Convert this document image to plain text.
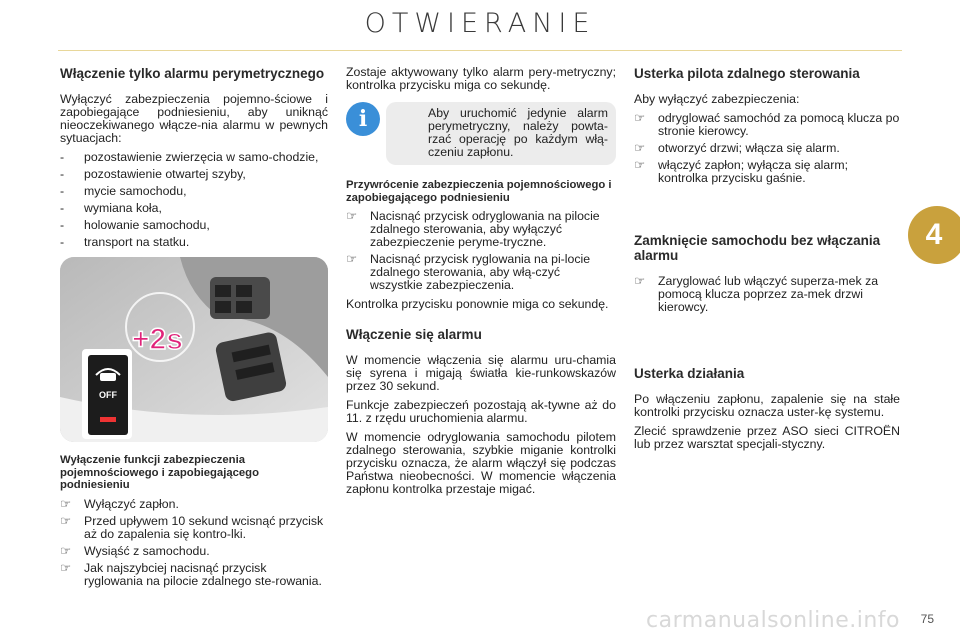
OTWIERANIE
4
Włączenie tylko alarmu perymetrycznego

Wyłączyć zabezpieczenia pojemno-ściowe i zapobiegające podniesieniu, aby uniknąć nieoczekiwanego włącze-nia alarmu w pewnych sytuacjach:

-	pozostawienie zwierzęcia w samo-chodzie,
-	pozostawienie otwartej szyby,
-	mycie samochodu,
-	wymiana koła,
-	holowanie samochodu,
-	transport na statku.
OFF
+2s
Wyłączenie funkcji zabezpieczenia pojemnościowego i zapobiegającego podniesieniu
☞	Wyłączyć zapłon.
☞	Przed upływem 10 sekund wcisnąć przycisk aż do zapalenia się kontro-lki.
☞	Wysiąść z samochodu.
☞	Jak najszybciej nacisnąć przycisk ryglowania na pilocie zdalnego ste-rowania.

Zostaje aktywowany tylko alarm pery-metryczny; kontrolka przycisku miga co sekundę.

i	Aby uruchomić jedynie alarm perymetryczny, należy powta-rzać operację po każdym włą-czeniu zapłonu.

Przywrócenie zabezpieczenia pojemnościowego i zapobiegającego podniesieniu
☞	Nacisnąć przycisk odryglowania na pilocie zdalnego sterowania, aby wyłączyć zabezpieczenie peryme-tryczne.
☞	Nacisnąć przycisk ryglowania na pi-locie zdalnego sterowania, aby włą-czyć wszystkie zabezpieczenia.

Kontrolka przycisku ponownie miga co sekundę.

Włączenie się alarmu

W momencie włączenia się alarmu uru-chamia się syrena i migają światła kie-runkowskazów przez 30 sekund.

Funkcje zabezpieczeń pozostają ak-tywne aż do 11. z rzędu uruchomienia alarmu.

W momencie odryglowania samochodu pilotem zdalnego sterowania, szybkie miganie kontrolki przycisku oznacza, że alarm włączył się podczas Państwa nieobecności. W momencie włączenia zapłonu kontrolka przestaje migać.

Usterka pilota zdalnego sterowania

Aby wyłączyć zabezpieczenia:

☞	odryglować samochód za pomocą klucza po stronie kierowcy.
☞	otworzyć drzwi; włącza się alarm.
☞	włączyć zapłon; wyłącza się alarm; kontrolka przycisku gaśnie.
Zamknięcie samochodu bez włączania alarmu
☞	Zaryglować lub włączyć superza-mek za pomocą klucza poprzez za-mek drzwi kierowcy.
Usterka działania

Po włączeniu zapłonu, zapalenie się na stałe kontrolki przycisku oznacza uster-kę systemu.

Zlecić sprawdzenie przez ASO sieci CITROËN lub przez warsztat specjali-styczny.

carmanualsonline.info 75
